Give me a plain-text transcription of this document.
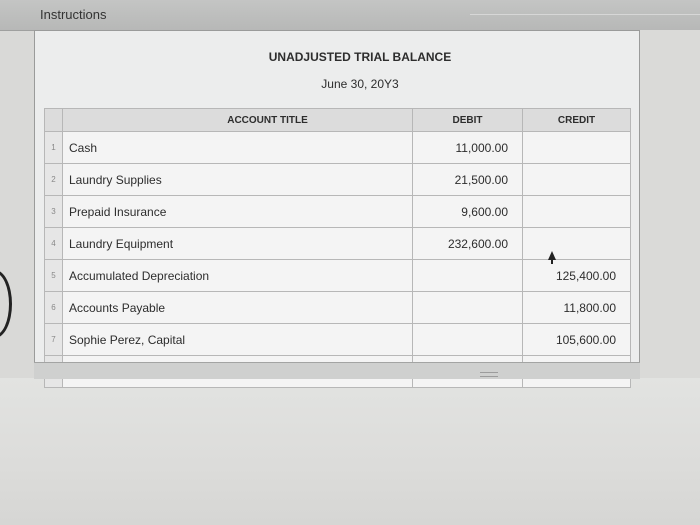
Instructions
UNADJUSTED TRIAL BALANCE
June 30, 20Y3
	ACCOUNT TITLE	DEBIT	CREDIT
1	Cash	11,000.00	
2	Laundry Supplies	21,500.00	
3	Prepaid Insurance	9,600.00	
4	Laundry Equipment	232,600.00	
5	Accumulated Depreciation		125,400.00
6	Accounts Payable		11,800.00
7	Sophie Perez, Capital		105,600.00
